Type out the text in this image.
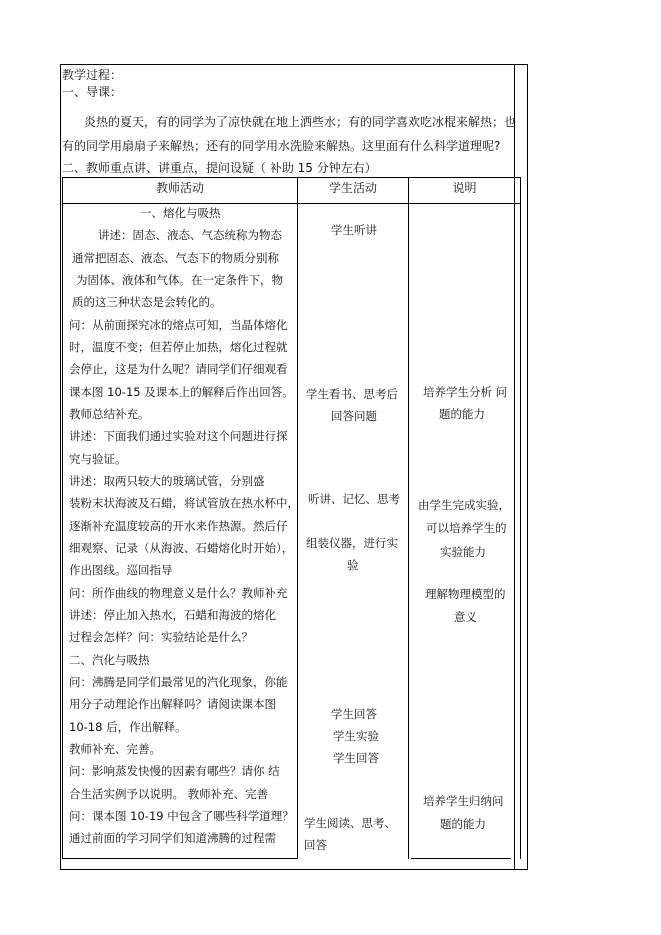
教学过程：
一、导课：
炎热的夏天，有的同学为了凉快就在地上洒些水；有的同学喜欢吃冰棍来解热；也
有的同学用扇扇子来解热；还有的同学用水洗脸来解热。这里面有什么科学道理呢?
二、教师重点讲、讲重点，提问设疑（ 补助 15 分钟左右）
教师活动	学生活动	说明
一、熔化与吸热
讲述：固态、液态、气态统称为物态
通常把固态、液态、气态下的物质分别称
为固体、液体和气体。在一定条件下，物
质的这三种状态是会转化的。
问：从前面探究冰的熔点可知，当晶体熔化
时，温度不变；但若停止加热，熔化过程就
会停止，这是为什么呢？请同学们仔细观看
课本图 10-15 及课本上的解释后作出回答。
教师总结补充。
讲述：下面我们通过实验对这个问题进行探
究与验证。
讲述：取两只较大的玻璃试管，分别盛
装粉末状海波及石蜡，将试管放在热水杯中，
逐渐补充温度较高的开水来作热源。然后仔
细观察、记录（从海波、石蜡熔化时开始），
作出图线。巡回指导
问：所作曲线的物理意义是什么？教师补充
讲述：停止加入热水，石蜡和海波的熔化
过程会怎样？问：实验结论是什么？
二、汽化与吸热
问：沸腾是同学们最常见的汽化现象，你能
用分子动理论作出解释吗？请阅读课本图
10-18 后，作出解释。
教师补充、完善。
问：影响蒸发快慢的因素有哪些？请你 结
合生活实例予以说明。 教师补充、完善
问：课本图 10-19 中包含了哪些科学道理？
通过前面的学习同学们知道沸腾的过程需
学生听讲
学生看书、思考后
回答问题
听讲、记忆、思考
组装仪器，进行实
验
学生回答
学生实验
学生回答
学生阅读、思考、
回答
培养学生分析 问
题的能力
由学生完成实验，
可以培养学生的
实验能力
理解物理模型的
意义
培养学生归纳问
题的能力
